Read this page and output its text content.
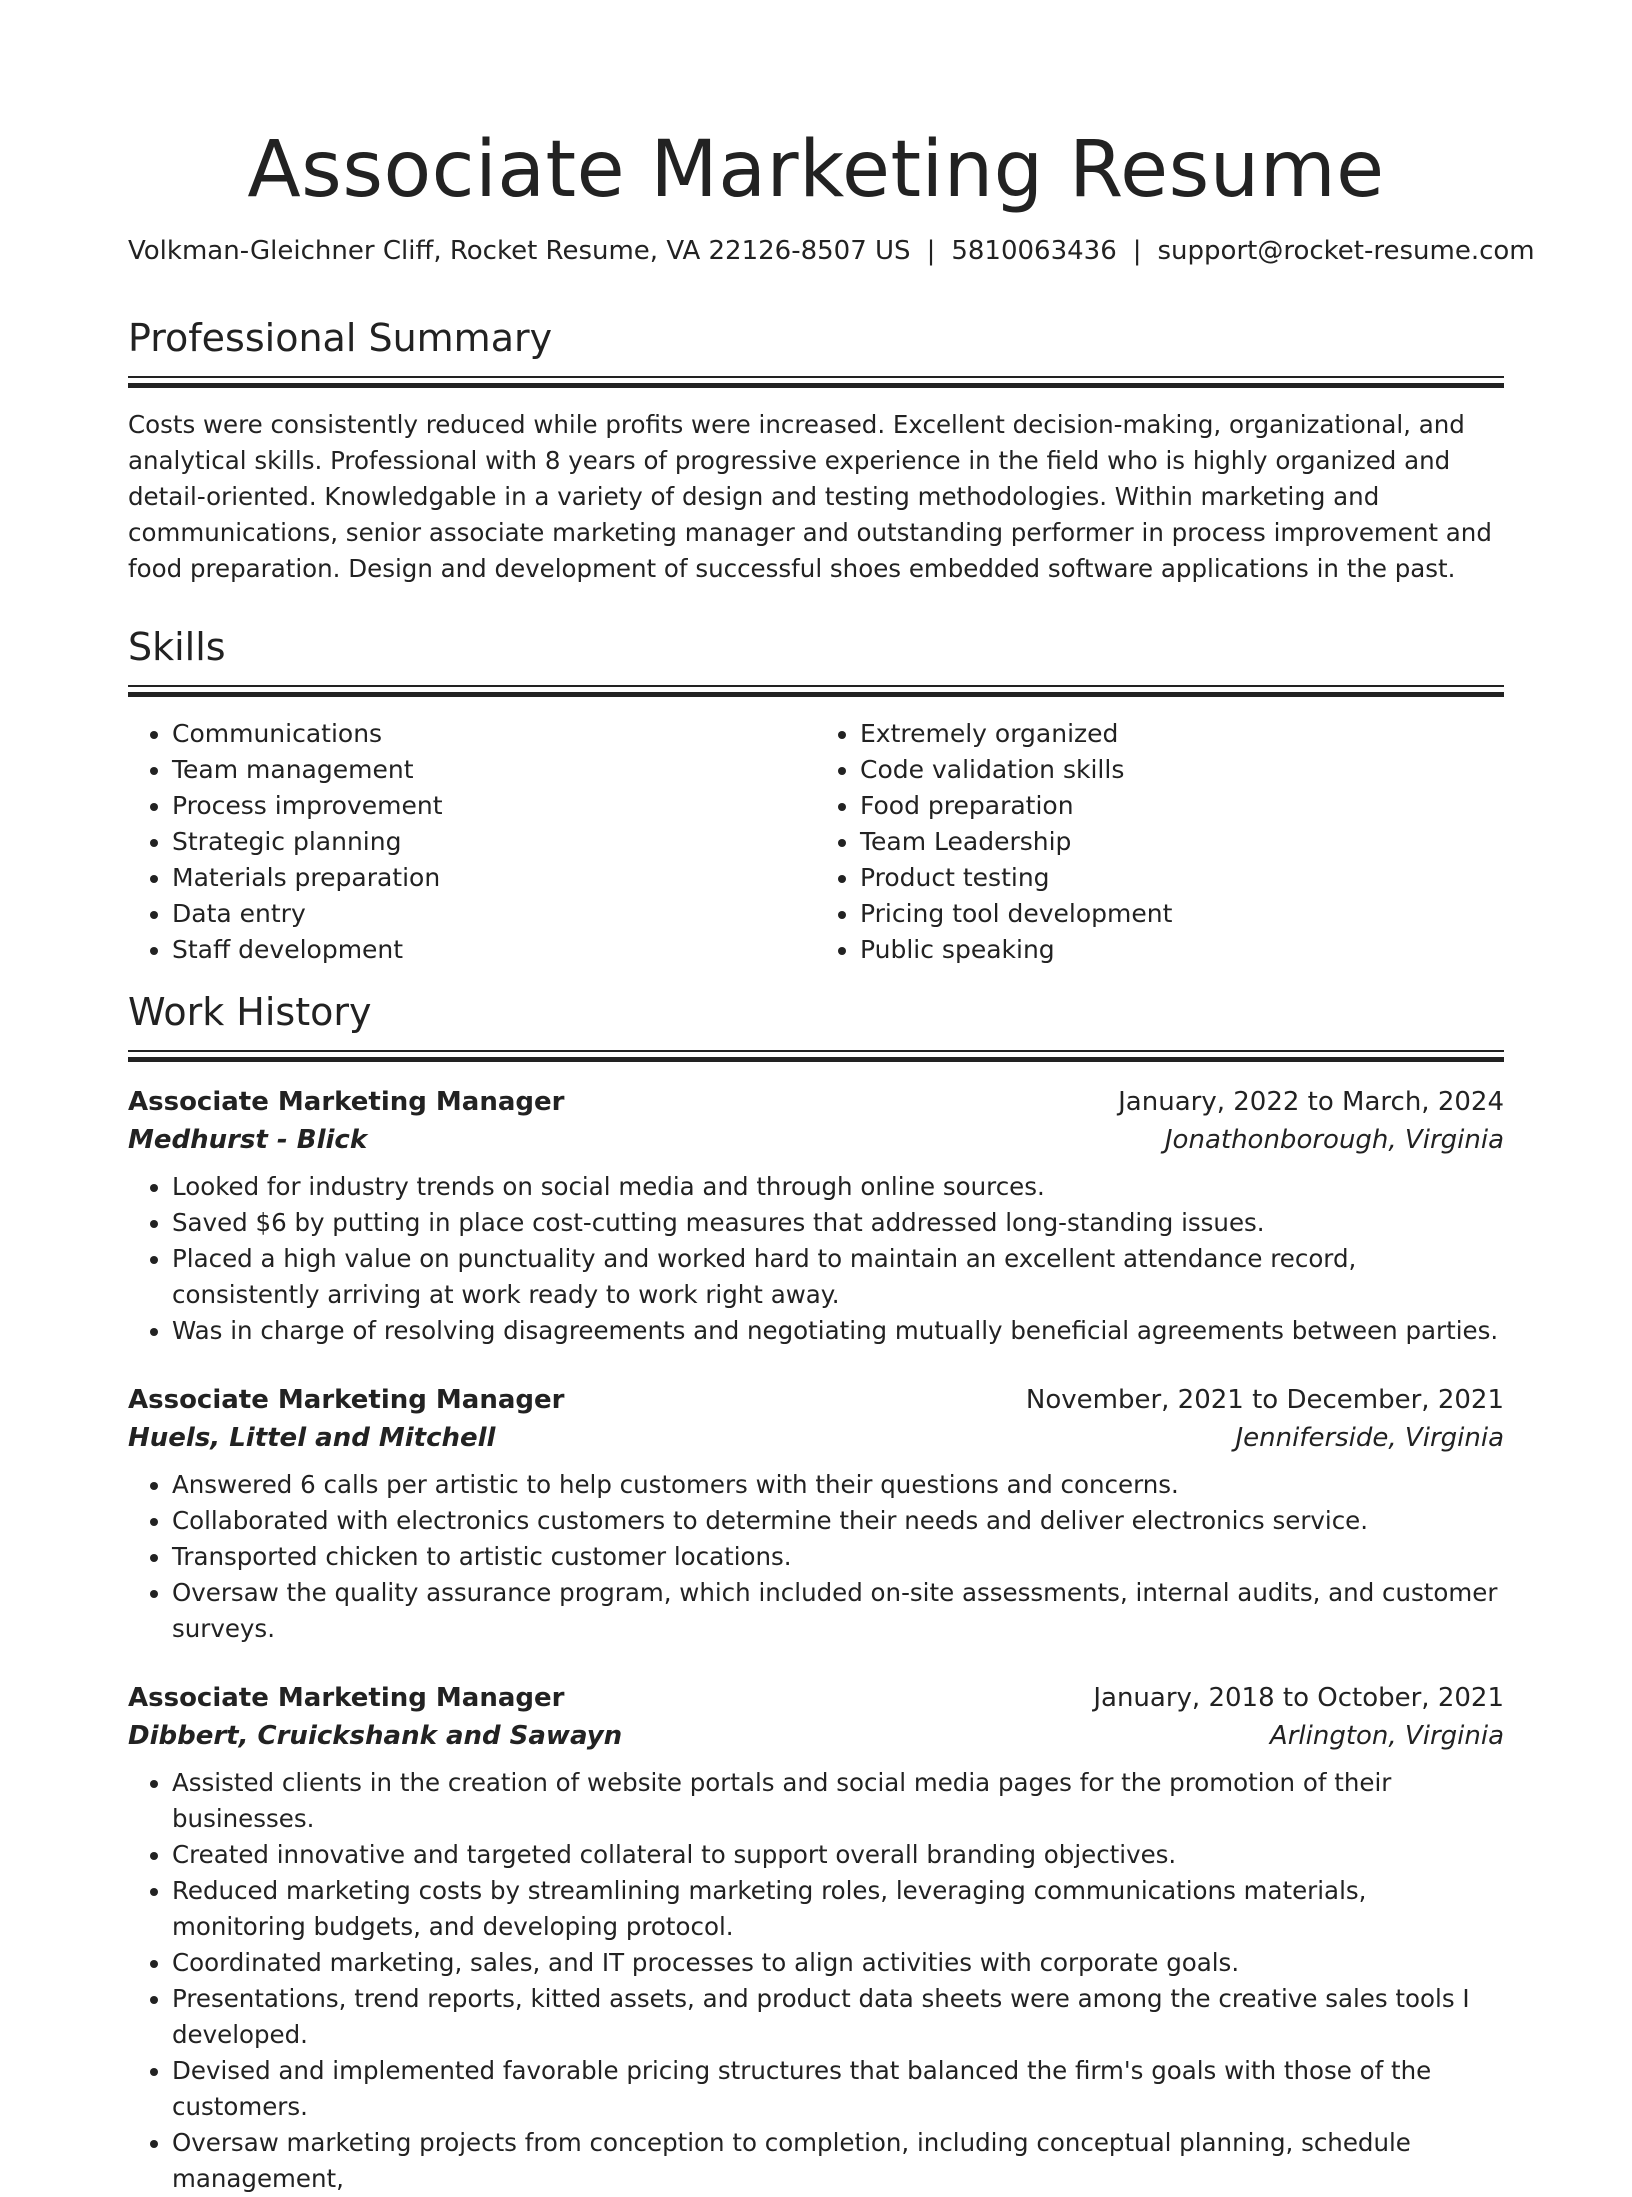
Associate Marketing Resume
Volkman-Gleichner Cliff, Rocket Resume, VA 22126-8507 US | 5810063436 | support@rocket-resume.com
Professional Summary

Costs were consistently reduced while profits were increased. Excellent decision-making, organizational, and analytical skills. Professional with 8 years of progressive experience in the field who is highly organized and detail-oriented. Knowledgable in a variety of design and testing methodologies. Within marketing and communications, senior associate marketing manager and outstanding performer in process improvement and food preparation. Design and development of successful shoes embedded software applications in the past.

Skills
• Communications
• Team management
• Process improvement
• Strategic planning
• Materials preparation
• Data entry
• Staff development
• Extremely organized
• Code validation skills
• Food preparation
• Team Leadership
• Product testing
• Pricing tool development
• Public speaking
Work History
Associate Marketing Manager	January, 2022 to March, 2024
Medhurst - Blick	Jonathonborough, Virginia
• Looked for industry trends on social media and through online sources.
• Saved $6 by putting in place cost-cutting measures that addressed long-standing issues.
• Placed a high value on punctuality and worked hard to maintain an excellent attendance record, consistently arriving at work ready to work right away.
• Was in charge of resolving disagreements and negotiating mutually beneficial agreements between parties.
Associate Marketing Manager	November, 2021 to December, 2021
Huels, Littel and Mitchell	Jenniferside, Virginia
• Answered 6 calls per artistic to help customers with their questions and concerns.
• Collaborated with electronics customers to determine their needs and deliver electronics service.
• Transported chicken to artistic customer locations.
• Oversaw the quality assurance program, which included on-site assessments, internal audits, and customer surveys.
Associate Marketing Manager	January, 2018 to October, 2021
Dibbert, Cruickshank and Sawayn	Arlington, Virginia
• Assisted clients in the creation of website portals and social media pages for the promotion of their businesses.
• Created innovative and targeted collateral to support overall branding objectives.
• Reduced marketing costs by streamlining marketing roles, leveraging communications materials, monitoring budgets, and developing protocol.
• Coordinated marketing, sales, and IT processes to align activities with corporate goals.
• Presentations, trend reports, kitted assets, and product data sheets were among the creative sales tools I developed.
• Devised and implemented favorable pricing structures that balanced the firm's goals with those of the customers.
• Oversaw marketing projects from conception to completion, including conceptual planning, schedule management,
